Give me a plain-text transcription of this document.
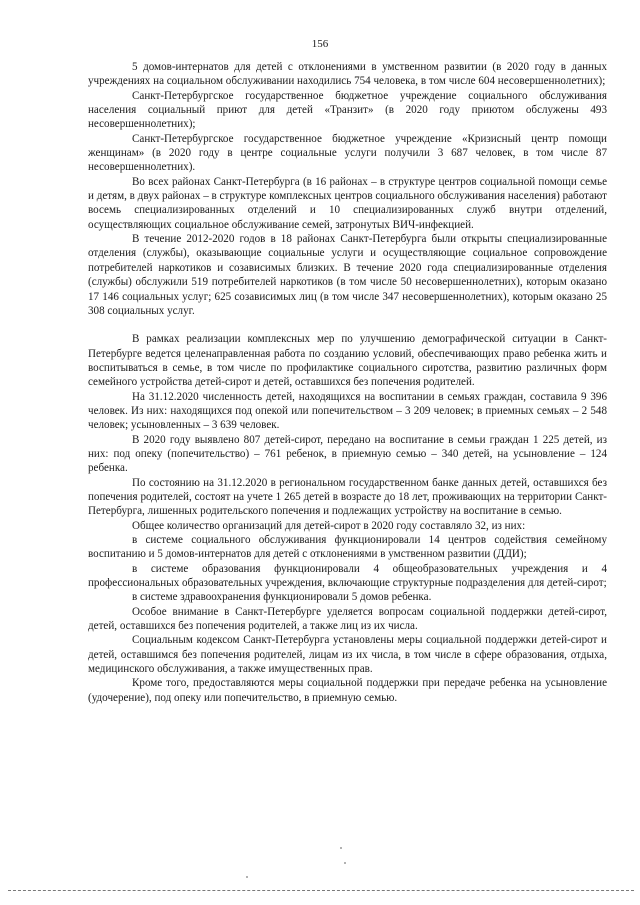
156

5 домов-интернатов для детей с отклонениями в умственном развитии (в 2020 году в данных учреждениях на социальном обслуживании находились 754 человека, в том числе 604 несовершеннолетних);

Санкт-Петербургское государственное бюджетное учреждение социального обслуживания населения социальный приют для детей «Транзит» (в 2020 году приютом обслужены 493 несовершеннолетних);

Санкт-Петербургское государственное бюджетное учреждение «Кризисный центр помощи женщинам» (в 2020 году в центре социальные услуги получили 3 687 человек, в том числе 87 несовершеннолетних).

Во всех районах Санкт-Петербурга (в 16 районах – в структуре центров социальной помощи семье и детям, в двух районах – в структуре комплексных центров социального обслуживания населения) работают восемь специализированных отделений и 10 специализированных служб внутри отделений, осуществляющих социальное обслуживание семей, затронутых ВИЧ-инфекцией.

В течение 2012-2020 годов в 18 районах Санкт-Петербурга были открыты специализированные отделения (службы), оказывающие социальные услуги и осуществляющие социальное сопровождение потребителей наркотиков и созависимых близких. В течение 2020 года специализированные отделения (службы) обслужили 519 потребителей наркотиков (в том числе 50 несовершеннолетних), которым оказано 17 146 социальных услуг; 625 созависимых лиц (в том числе 347 несовершеннолетних), которым оказано 25 308 социальных услуг.

В рамках реализации комплексных мер по улучшению демографической ситуации в Санкт-Петербурге ведется целенаправленная работа по созданию условий, обеспечивающих право ребенка жить и воспитываться в семье, в том числе по профилактике социального сиротства, развитию различных форм семейного устройства детей-сирот и детей, оставшихся без попечения родителей.

На 31.12.2020 численность детей, находящихся на воспитании в семьях граждан, составила 9 396 человек. Из них: находящихся под опекой или попечительством – 3 209 человек; в приемных семьях – 2 548 человек; усыновленных – 3 639 человек.

В 2020 году выявлено 807 детей-сирот, передано на воспитание в семьи граждан 1 225 детей, из них: под опеку (попечительство) – 761 ребенок, в приемную семью – 340 детей, на усыновление – 124 ребенка.

По состоянию на 31.12.2020 в региональном государственном банке данных детей, оставшихся без попечения родителей, состоят на учете 1 265 детей в возрасте до 18 лет, проживающих на территории Санкт-Петербурга, лишенных родительского попечения и подлежащих устройству на воспитание в семью.

Общее количество организаций для детей-сирот в 2020 году составляло 32, из них:

в системе социального обслуживания функционировали 14 центров содействия семейному воспитанию и 5 домов-интернатов для детей с отклонениями в умственном развитии (ДДИ);

в системе образования функционировали 4 общеобразовательных учреждения и 4 профессиональных образовательных учреждения, включающие структурные подразделения для детей-сирот;

в системе здравоохранения функционировали 5 домов ребенка.

Особое внимание в Санкт-Петербурге уделяется вопросам социальной поддержки детей-сирот, детей, оставшихся без попечения родителей, а также лиц из их числа.

Социальным кодексом Санкт-Петербурга установлены меры социальной поддержки детей-сирот и детей, оставшимся без попечения родителей, лицам из их числа, в том числе в сфере образования, отдыха, медицинского обслуживания, а также имущественных прав.

Кроме того, предоставляются меры социальной поддержки при передаче ребенка на усыновление (удочерение), под опеку или попечительство, в приемную семью.
